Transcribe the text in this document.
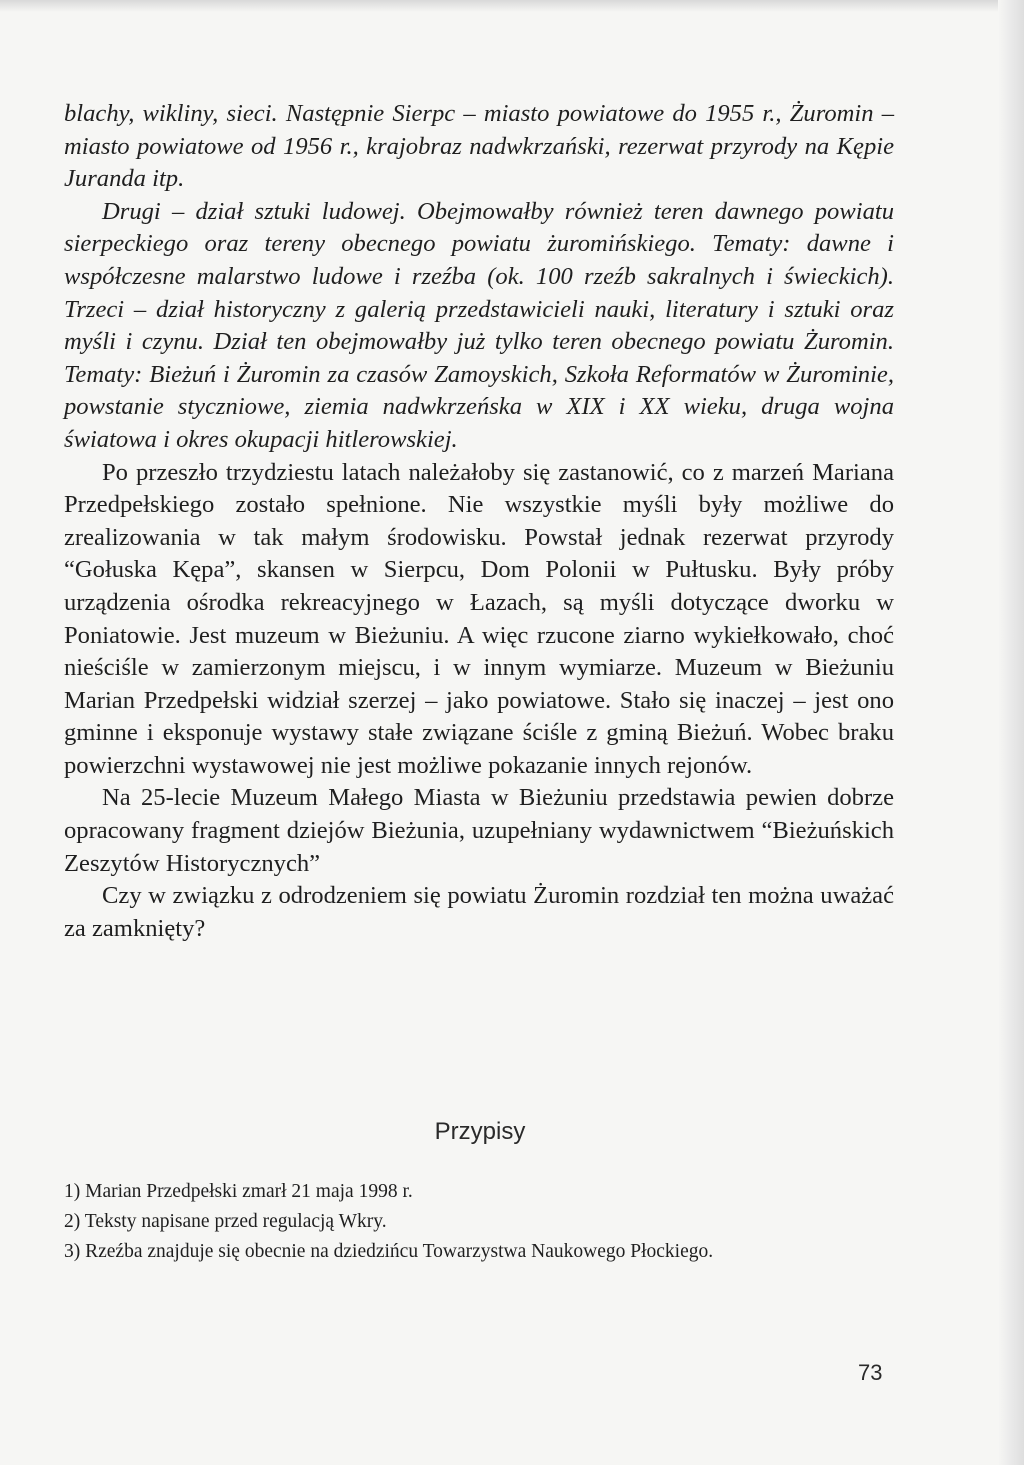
blachy, wikliny, sieci. Następnie Sierpc – miasto powiatowe do 1955 r., Żuromin – miasto powiatowe od 1956 r., krajobraz nadwkrzański, rezerwat przyrody na Kępie Juranda itp.

Drugi – dział sztuki ludowej. Obejmowałby również teren dawnego powiatu sierpeckiego oraz tereny obecnego powiatu żuromińskiego. Tematy: dawne i współczesne malarstwo ludowe i rzeźba (ok. 100 rzeźb sakralnych i świeckich). Trzeci – dział historyczny z galerią przedstawicieli nauki, literatury i sztuki oraz myśli i czynu. Dział ten obejmowałby już tylko teren obecnego powiatu Żuromin. Tematy: Bieżuń i Żuromin za czasów Zamoyskich, Szkoła Reformatów w Żurominie, powstanie styczniowe, ziemia nadwkrzeńska w XIX i XX wieku, druga wojna światowa i okres okupacji hitlerowskiej.

Po przeszło trzydziestu latach należałoby się zastanowić, co z marzeń Mariana Przedpełskiego zostało spełnione. Nie wszystkie myśli były możliwe do zrealizowania w tak małym środowisku. Powstał jednak rezerwat przyrody “Gołuska Kępa”, skansen w Sierpcu, Dom Polonii w Pułtusku. Były próby urządzenia ośrodka rekreacyjnego w Łazach, są myśli dotyczące dworku w Poniatowie. Jest muzeum w Bieżuniu. A więc rzucone ziarno wykiełkowało, choć nieściśle w zamierzonym miejscu, i w innym wymiarze. Muzeum w Bieżuniu Marian Przedpełski widział szerzej – jako powiatowe. Stało się inaczej – jest ono gminne i eksponuje wystawy stałe związane ściśle z gminą Bieżuń. Wobec braku powierzchni wystawowej nie jest możliwe pokazanie innych rejonów.

Na 25-lecie Muzeum Małego Miasta w Bieżuniu przedstawia pewien dobrze opracowany fragment dziejów Bieżunia, uzupełniany wydawnictwem “Bieżuńskich Zeszytów Historycznych”

Czy w związku z odrodzeniem się powiatu Żuromin rozdział ten można uważać za zamknięty?

Przypisy

1) Marian Przedpełski zmarł 21 maja 1998 r.

2) Teksty napisane przed regulacją Wkry.

3) Rzeźba znajduje się obecnie na dziedzińcu Towarzystwa Naukowego Płockiego.

73
